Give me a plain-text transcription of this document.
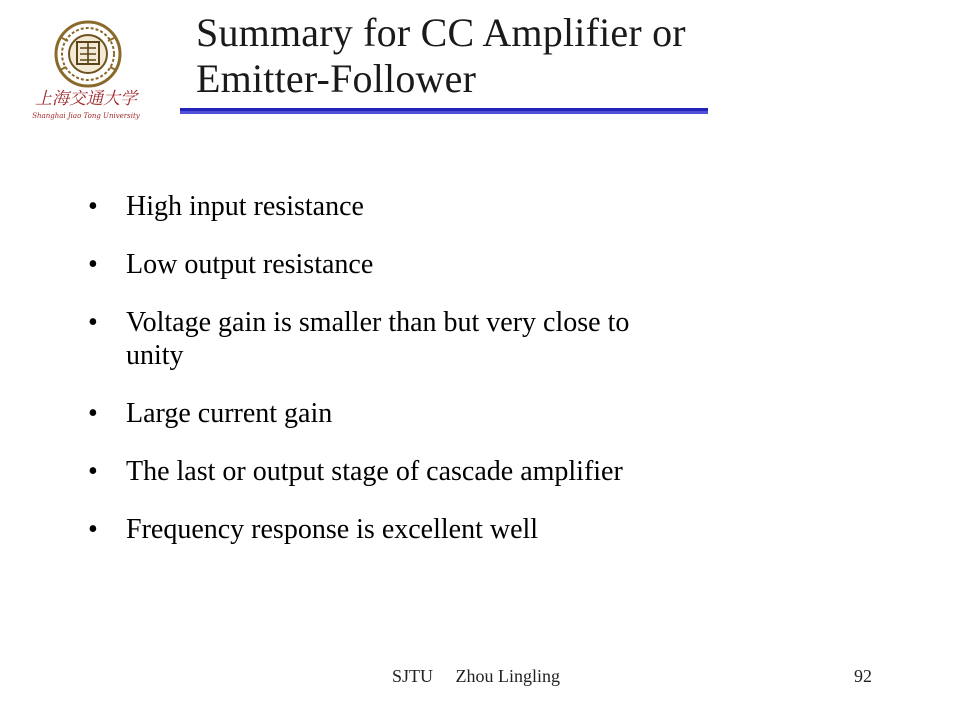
上海交通大学
Shanghai Jiao Tong University
Summary for CC Amplifier or
Emitter-Follower
• High input resistance
• Low output resistance
• Voltage gain is smaller than but very close to
unity
• Large current gain
• The last or output stage of cascade amplifier
• Frequency response is excellent well
SJTU Zhou Lingling	92
